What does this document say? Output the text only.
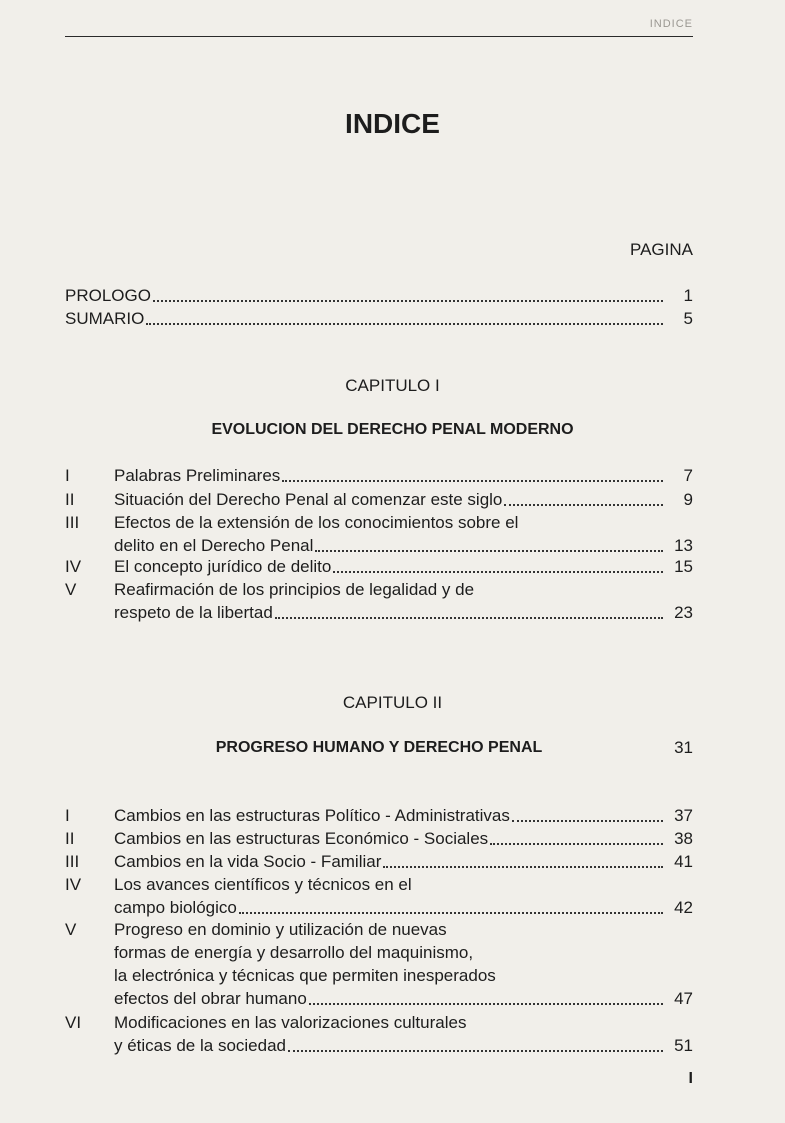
INDICE
INDICE
PAGINA
PROLOGO	1
SUMARIO	5
CAPITULO I
EVOLUCION DEL DERECHO PENAL MODERNO
I	Palabras Preliminares	7
II	Situación del Derecho Penal al comenzar este siglo	9
III	Efectos de la extensión de los conocimientos sobre el
delito en el Derecho Penal	13
IV	El concepto jurídico de delito	15
V	Reafirmación de los principios de legalidad y de
respeto de la libertad	23
CAPITULO II
PROGRESO HUMANO Y DERECHO PENAL	31
I	Cambios en las estructuras Político - Administrativas	37
II	Cambios en las estructuras Económico - Sociales	38
III	Cambios en la vida Socio - Familiar	41
IV	Los avances científicos y técnicos en el
campo biológico	42
V	Progreso en dominio y utilización de nuevas
formas de energía y desarrollo del maquinismo,
la electrónica y técnicas que permiten inesperados
efectos del obrar humano	47
VI	Modificaciones en las valorizaciones culturales
y éticas de la sociedad	51
I
